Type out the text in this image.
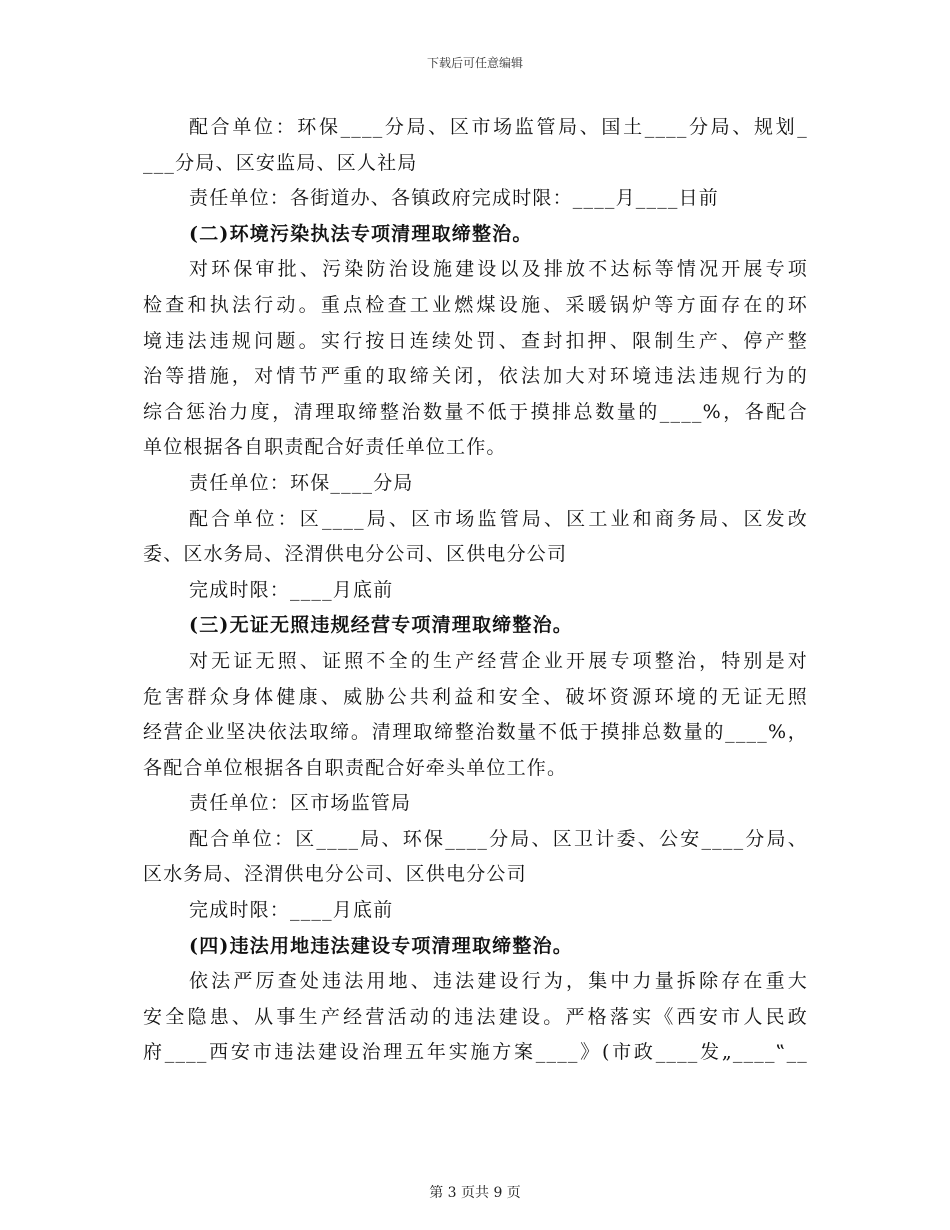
下载后可任意编辑
配合单位：环保____分局、区市场监管局、国土____分局、规划_
___分局、区安监局、区人社局
责任单位：各街道办、各镇政府完成时限：____月____日前
(二)环境污染执法专项清理取缔整治。
对环保审批、污染防治设施建设以及排放不达标等情况开展专项
检查和执法行动。重点检查工业燃煤设施、采暖锅炉等方面存在的环
境违法违规问题。实行按日连续处罚、查封扣押、限制生产、停产整
治等措施，对情节严重的取缔关闭，依法加大对环境违法违规行为的
综合惩治力度，清理取缔整治数量不低于摸排总数量的____%，各配合
单位根据各自职责配合好责任单位工作。
责任单位：环保____分局
配合单位：区____局、区市场监管局、区工业和商务局、区发改
委、区水务局、泾渭供电分公司、区供电分公司
完成时限：____月底前
(三)无证无照违规经营专项清理取缔整治。
对无证无照、证照不全的生产经营企业开展专项整治，特别是对
危害群众身体健康、威胁公共利益和安全、破坏资源环境的无证无照
经营企业坚决依法取缔。清理取缔整治数量不低于摸排总数量的____%，
各配合单位根据各自职责配合好牵头单位工作。
责任单位：区市场监管局
配合单位：区____局、环保____分局、区卫计委、公安____分局、
区水务局、泾渭供电分公司、区供电分公司
完成时限：____月底前
(四)违法用地违法建设专项清理取缔整治。
依法严厉查处违法用地、违法建设行为，集中力量拆除存在重大
安全隐患、从事生产经营活动的违法建设。严格落实《西安市人民政
府____西安市违法建设治理五年实施方案____》(市政____发„____‟__
第 3 页共 9 页
